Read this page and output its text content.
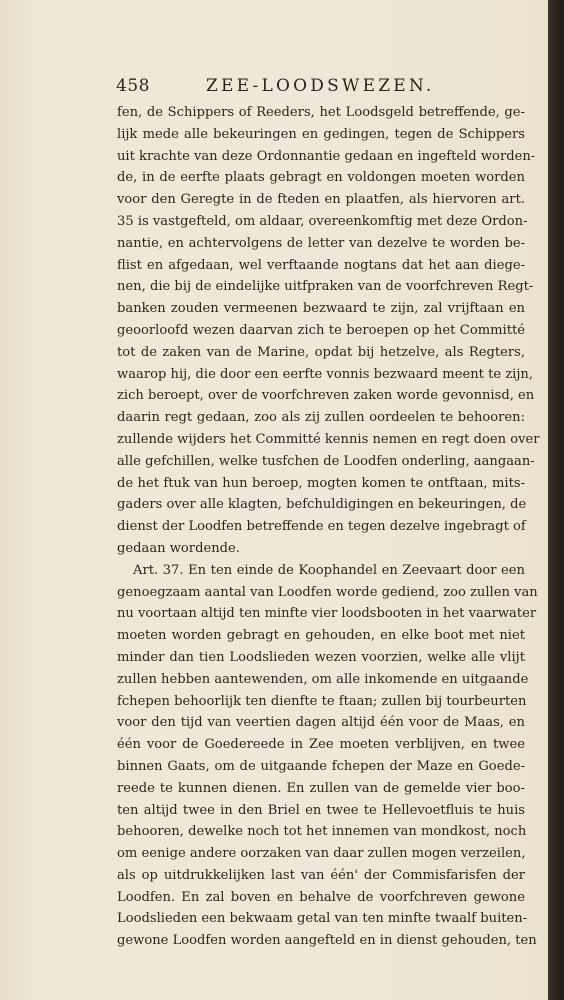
458	ZEE-LOODSWEZEN.
fen, de Schippers of Reeders, het Loodsgeld betreffende, ge-
lijk mede alle bekeuringen en gedingen, tegen de Schippers
uit krachte van deze Ordonnantie gedaan en ingefteld worden-
de, in de eerfte plaats gebragt en voldongen moeten worden
voor den Geregte in de fteden en plaatfen, als hiervoren art.
35 is vastgefteld, om aldaar, overeenkomftig met deze Ordon-
nantie, en achtervolgens de letter van dezelve te worden be-
flist en afgedaan, wel verftaande nogtans dat het aan diege-
nen, die bij de eindelijke uitfpraken van de voorfchreven Regt-
banken zouden vermeenen bezwaard te zijn, zal vrijftaan en
geoorloofd wezen daarvan zich te beroepen op het Committé
tot de zaken van de Marine, opdat bij hetzelve, als Regters,
waarop hij, die door een eerfte vonnis bezwaard meent te zijn,
zich beroept, over de voorfchreven zaken worde gevonnisd, en
daarin regt gedaan, zoo als zij zullen oordeelen te behooren:
zullende wijders het Committé kennis nemen en regt doen over
alle gefchillen, welke tusfchen de Loodfen onderling, aangaan-
de het ftuk van hun beroep, mogten komen te ontftaan, mits-
gaders over alle klagten, befchuldigingen en bekeuringen, de
dienst der Loodfen betreffende en tegen dezelve ingebragt of
gedaan wordende.
Art. 37. En ten einde de Koophandel en Zeevaart door een
genoegzaam aantal van Loodfen worde gediend, zoo zullen van
nu voortaan altijd ten minfte vier loodsbooten in het vaarwater
moeten worden gebragt en gehouden, en elke boot met niet
minder dan tien Loodslieden wezen voorzien, welke alle vlijt
zullen hebben aantewenden, om alle inkomende en uitgaande
fchepen behoorlijk ten dienfte te ftaan; zullen bij tourbeurten
voor den tijd van veertien dagen altijd één voor de Maas, en
één voor de Goedereede in Zee moeten verblijven, en twee
binnen Gaats, om de uitgaande fchepen der Maze en Goede-
reede te kunnen dienen. En zullen van de gemelde vier boo-
ten altijd twee in den Briel en twee te Hellevoetfluis te huis
behooren, dewelke noch tot het innemen van mondkost, noch
om eenige andere oorzaken van daar zullen mogen verzeilen,
als op uitdrukkelijken last van één' der Commisfarisfen der
Loodfen. En zal boven en behalve de voorfchreven gewone
Loodslieden een bekwaam getal van ten minfte twaalf buiten-
gewone Loodfen worden aangefteld en in dienst gehouden, ten
